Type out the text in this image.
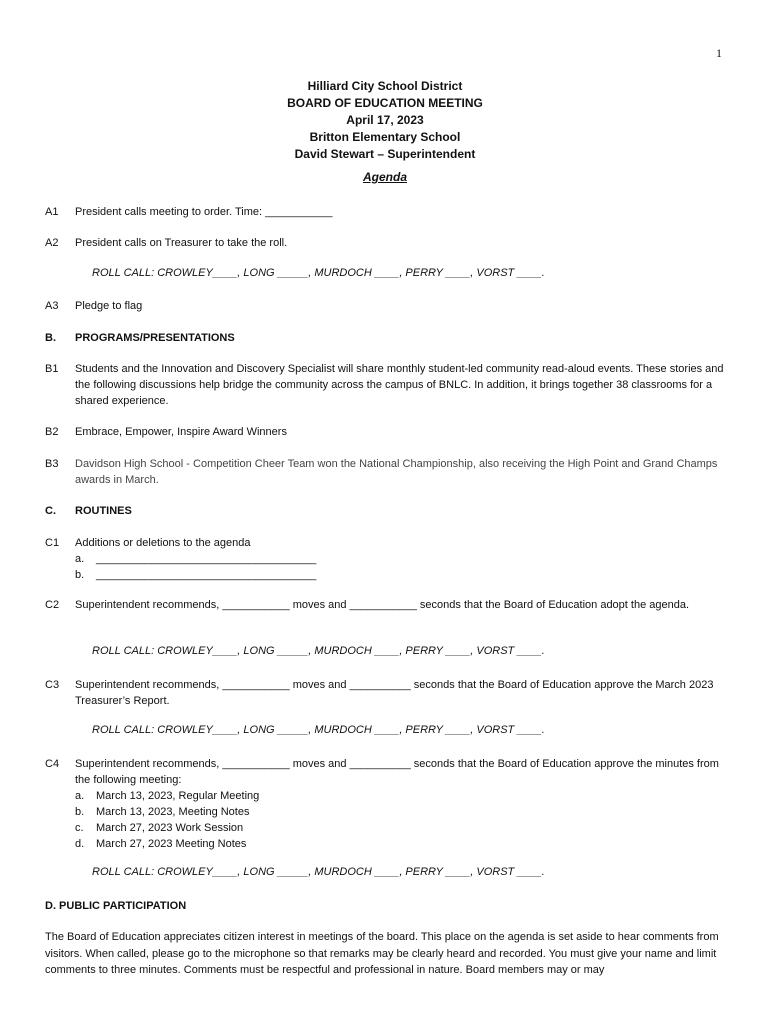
1
Hilliard City School District
BOARD OF EDUCATION MEETING
April 17, 2023
Britton Elementary School
David Stewart – Superintendent
Agenda
A1	President calls meeting to order. Time: ___________
A2	President calls on Treasurer to take the roll.
ROLL CALL: CROWLEY____, LONG _____, MURDOCH ____, PERRY ____, VORST ____.
A3	Pledge to flag
B.	PROGRAMS/PRESENTATIONS
B1	Students and the Innovation and Discovery Specialist will share monthly student-led community read-aloud events. These stories and the following discussions help bridge the community across the campus of BNLC. In addition, it brings together 38 classrooms for a shared experience.
B2	Embrace, Empower, Inspire Award Winners
B3	Davidson High School - Competition Cheer Team won the National Championship, also receiving the High Point and Grand Champs awards in March.
C.	ROUTINES
C1	Additions or deletions to the agenda
a. ____________________________________
b. ____________________________________
C2	Superintendent recommends, ___________ moves and ___________ seconds that the Board of Education adopt the agenda.
ROLL CALL: CROWLEY____, LONG _____, MURDOCH ____, PERRY ____, VORST ____.
C3	Superintendent recommends, ___________ moves and __________ seconds that the Board of Education approve the March 2023 Treasurer’s Report.
ROLL CALL: CROWLEY____, LONG _____, MURDOCH ____, PERRY ____, VORST ____.
C4	Superintendent recommends, ___________ moves and __________ seconds that the Board of Education approve the minutes from the following meeting:
a. March 13, 2023, Regular Meeting
b. March 13, 2023, Meeting Notes
c. March 27, 2023 Work Session
d. March 27, 2023 Meeting Notes
ROLL CALL: CROWLEY____, LONG _____, MURDOCH ____, PERRY ____, VORST ____.
D. PUBLIC PARTICIPATION
The Board of Education appreciates citizen interest in meetings of the board. This place on the agenda is set aside to hear comments from visitors. When called, please go to the microphone so that remarks may be clearly heard and recorded. You must give your name and limit comments to three minutes. Comments must be respectful and professional in nature. Board members may or may
